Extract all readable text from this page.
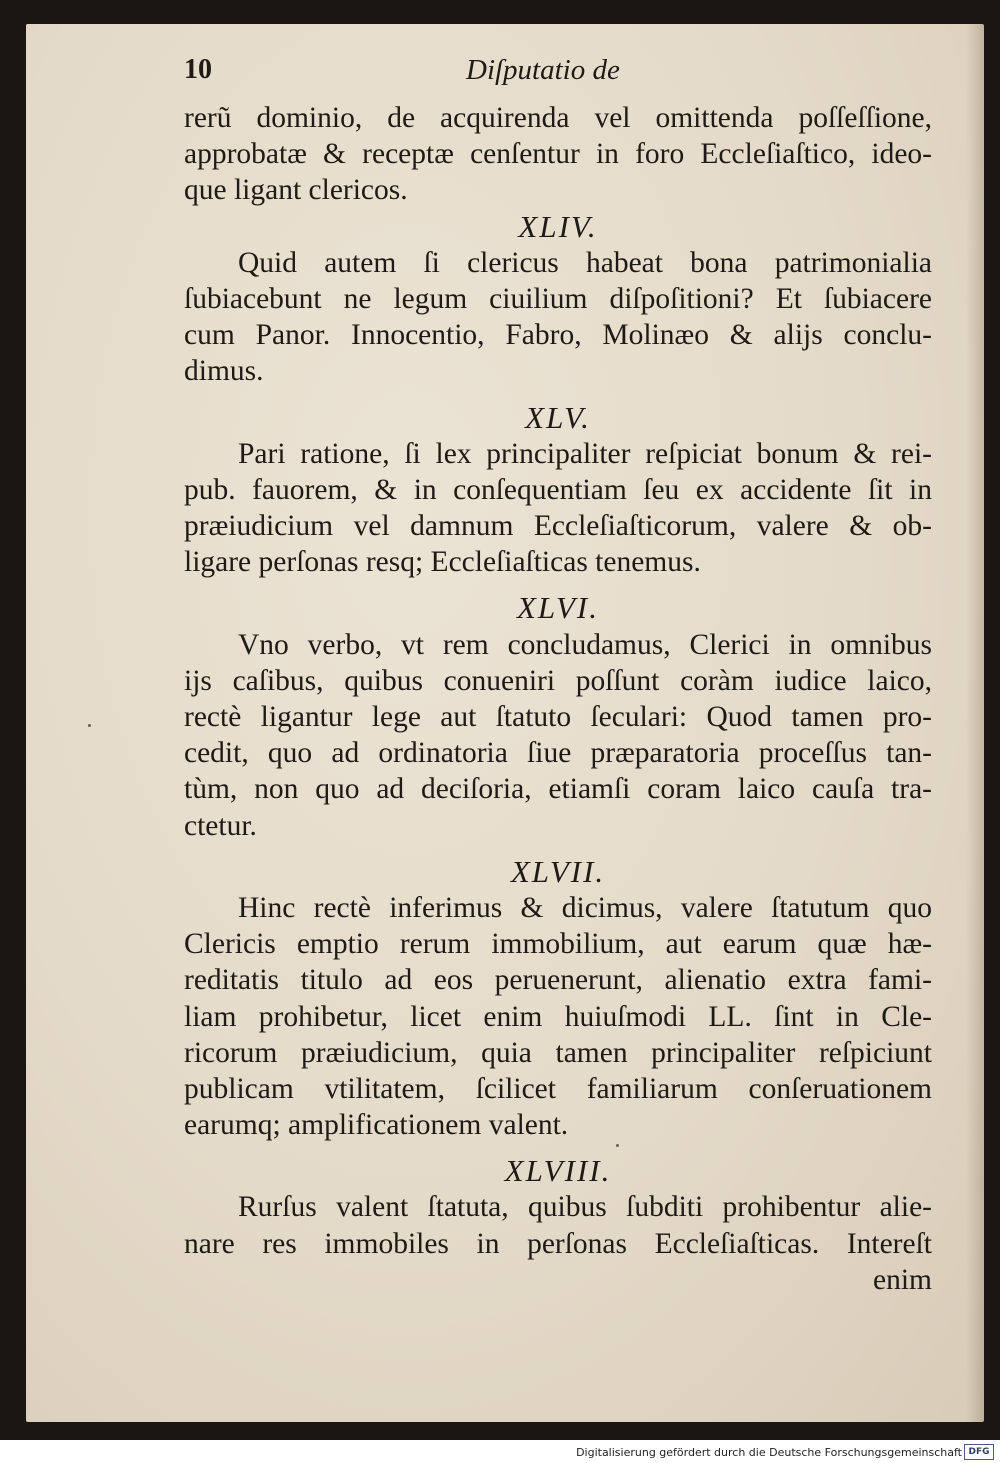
10	Diſputatio de
rerũ dominio, de acquirenda vel omittenda poſſeſſione,
approbatæ & receptæ cenſentur in foro Eccleſiaſtico, ideo-
que ligant clericos.
XLIV.
Quid autem ſi clericus habeat bona patrimonialia
ſubiacebunt ne legum ciuilium diſpoſitioni? Et ſubiacere
cum Panor. Innocentio, Fabro, Molinæo & alijs conclu-
dimus.
XLV.
Pari ratione, ſi lex principaliter reſpiciat bonum & rei-
pub. fauorem, & in conſequentiam ſeu ex accidente ſit in
præiudicium vel damnum Eccleſiaſticorum, valere & ob-
ligare perſonas resq; Eccleſiaſticas tenemus.
XLVI.
Vno verbo, vt rem concludamus, Clerici in omnibus
ijs caſibus, quibus conueniri poſſunt coràm iudice laico,
rectè ligantur lege aut ſtatuto ſeculari: Quod tamen pro-
cedit, quo ad ordinatoria ſiue præparatoria proceſſus tan-
tùm, non quo ad deciſoria, etiamſi coram laico cauſa tra-
ctetur.
XLVII.
Hinc rectè inferimus & dicimus, valere ſtatutum quo
Clericis emptio rerum immobilium, aut earum quæ hæ-
reditatis titulo ad eos peruenerunt, alienatio extra fami-
liam prohibetur, licet enim huiuſmodi LL. ſint in Cle-
ricorum præiudicium, quia tamen principaliter reſpiciunt
publicam vtilitatem, ſcilicet familiarum conſeruationem
earumq; amplificationem valent.
XLVIII.
Rurſus valent ſtatuta, quibus ſubditi prohibentur alie-
nare res immobiles in perſonas Eccleſiaſticas. Intereſt
enim
Digitalisierung gefördert durch die Deutsche Forschungsgemeinschaft DFG
